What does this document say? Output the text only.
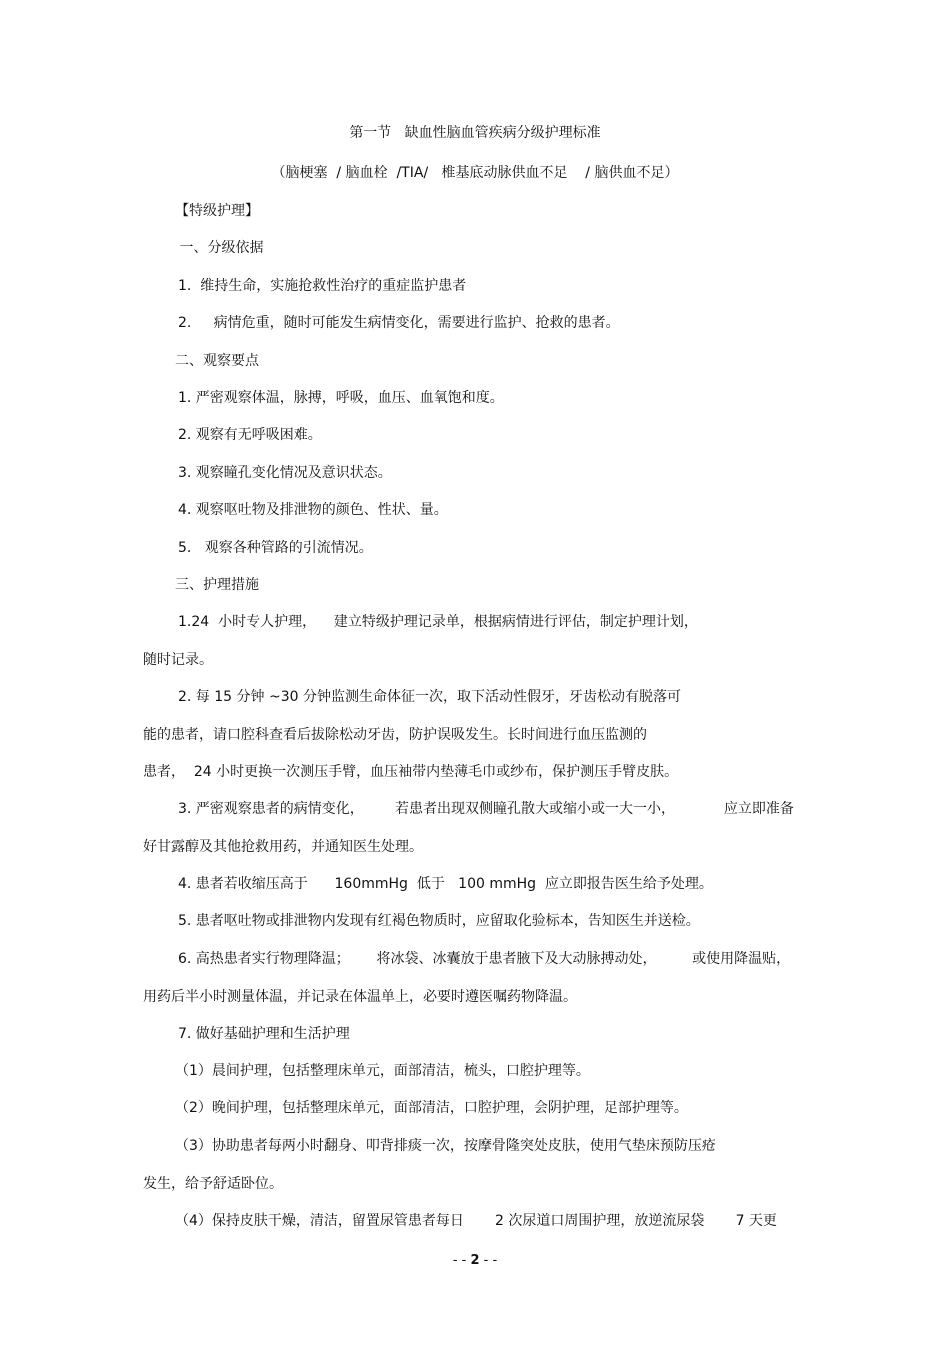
第一节   缺血性脑血管疾病分级护理标准
（脑梗塞  / 脑血栓  /TIA/   椎基底动脉供血不足    / 脑供血不足）
【特级护理】
一、分级依据
1.  维持生命，实施抢救性治疗的重症监护患者
2.     病情危重，随时可能发生病情变化，需要进行监护、抢救的患者。
二、观察要点
1. 严密观察体温，脉搏，呼吸，血压、血氧饱和度。
2. 观察有无呼吸困难。
3. 观察瞳孔变化情况及意识状态。
4. 观察呕吐物及排泄物的颜色、性状、量。
5.   观察各种管路的引流情况。
三、护理措施
1.24  小时专人护理，    建立特级护理记录单，根据病情进行评估，制定护理计划，
随时记录。
2. 每 15 分钟 ~30 分钟监测生命体征一次，取下活动性假牙，牙齿松动有脱落可
能的患者，请口腔科查看后拔除松动牙齿，防护误吸发生。长时间进行血压监测的
患者，  24 小时更换一次测压手臂，血压袖带内垫薄毛巾或纱布，保护测压手臂皮肤。
3. 严密观察患者的病情变化，       若患者出现双侧瞳孔散大或缩小或一大一小，           应立即准备
好甘露醇及其他抢救用药，并通知医生处理。
4. 患者若收缩压高于      160mmHg  低于   100 mmHg  应立即报告医生给予处理。
5. 患者呕吐物或排泄物内发现有红褐色物质时，应留取化验标本，告知医生并送检。
6. 高热患者实行物理降温；      将冰袋、冰囊放于患者腋下及大动脉搏动处，        或使用降温贴，
用药后半小时测量体温，并记录在体温单上，必要时遵医嘱药物降温。
7. 做好基础护理和生活护理
（1）晨间护理，包括整理床单元，面部清洁，梳头，口腔护理等。
（2）晚间护理，包括整理床单元，面部清洁，口腔护理，会阴护理，足部护理等。
（3）协助患者每两小时翻身、叩背排痰一次，按摩骨隆突处皮肤，使用气垫床预防压疮
发生，给予舒适卧位。
（4）保持皮肤干燥，清洁，留置尿管患者每日       2 次尿道口周围护理，放逆流尿袋       7 天更
- - 2 - -
